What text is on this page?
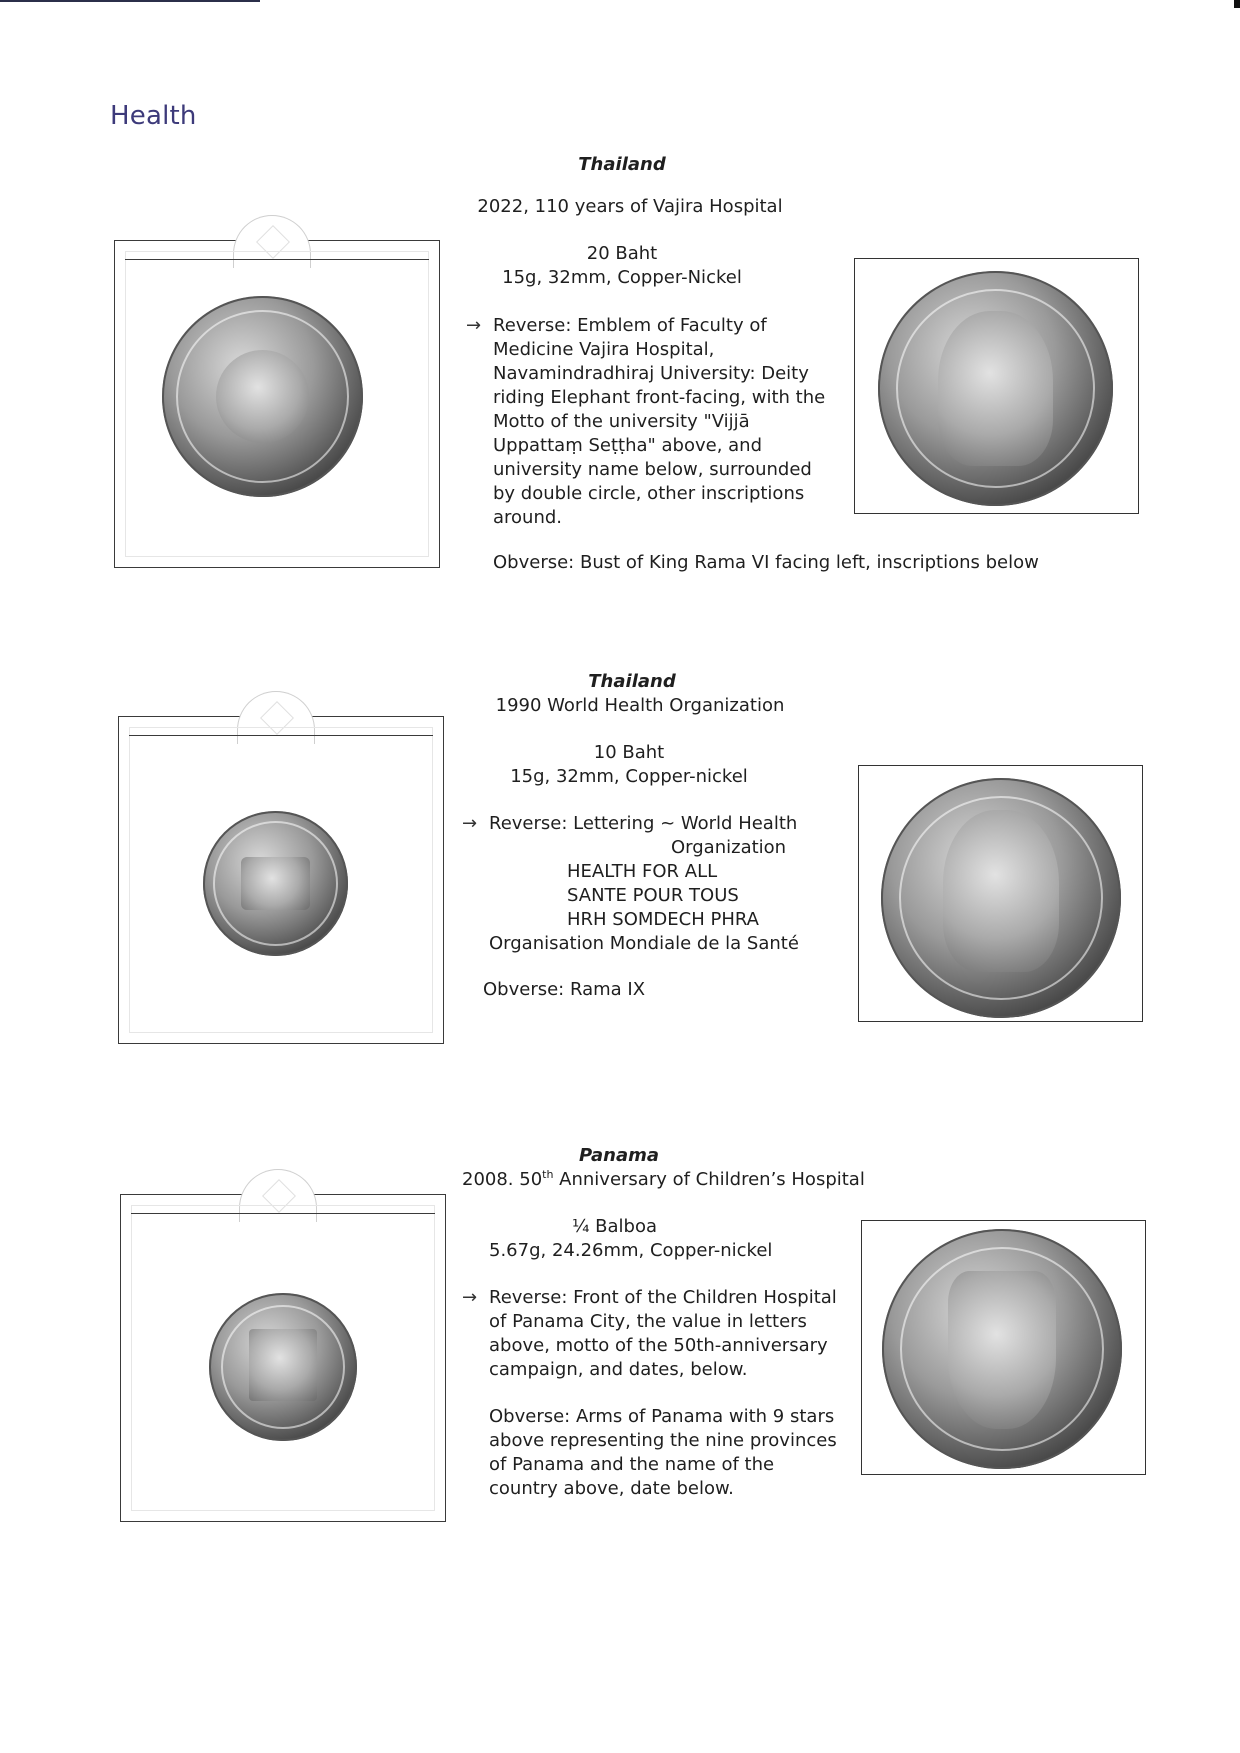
Health
Thailand
2022, 110 years of Vajira Hospital
20 Baht
15g, 32mm, Copper-Nickel
→ Reverse: Emblem of Faculty of Medicine Vajira Hospital, Navamindradhiraj University: Deity riding Elephant front-facing, with the Motto of the university "Vijjā Uppattaṃ Seṭṭha" above, and university name below, surrounded by double circle, other inscriptions around.
Obverse: Bust of King Rama VI facing left, inscriptions below
Thailand
1990 World Health Organization
10 Baht
15g, 32mm, Copper-nickel
→ Reverse: Lettering ~ World Health
Organization
HEALTH FOR ALL
SANTE POUR TOUS
HRH SOMDECH PHRA
Organisation Mondiale de la Santé
Obverse: Rama IX
Panama
2008. 50th Anniversary of Children’s Hospital
¼ Balboa
5.67g, 24.26mm, Copper-nickel
→ Reverse: Front of the Children Hospital of Panama City, the value in letters above, motto of the 50th-anniversary campaign, and dates, below.
Obverse: Arms of Panama with 9 stars above representing the nine provinces of Panama and the name of the country above, date below.
